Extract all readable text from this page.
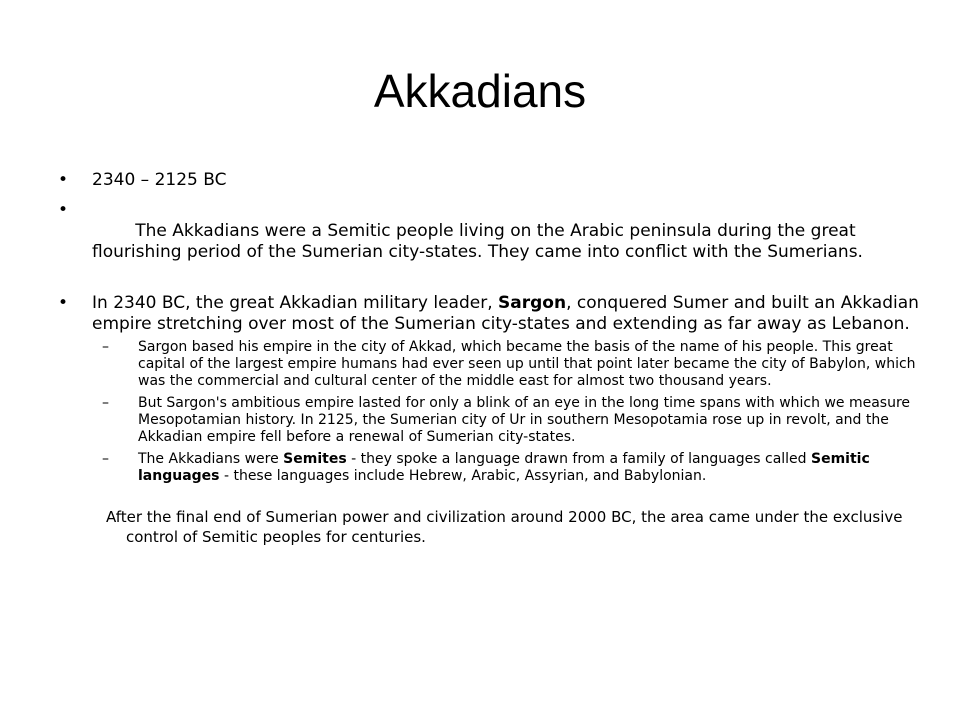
Akkadians
• 2340 – 2125 BC

•
The Akkadians were a Semitic people living on the Arabic peninsula during the great flourishing period of the Sumerian city-states. They came into conflict with the Sumerians.

• In 2340 BC, the great Akkadian military leader, Sargon, conquered Sumer and built an Akkadian empire stretching over most of the Sumerian city-states and extending as far away as Lebanon.
– Sargon based his empire in the city of Akkad, which became the basis of the name of his people. This great capital of the largest empire humans had ever seen up until that point later became the city of Babylon, which was the commercial and cultural center of the middle east for almost two thousand years.
– But Sargon's ambitious empire lasted for only a blink of an eye in the long time spans with which we measure Mesopotamian history. In 2125, the Sumerian city of Ur in southern Mesopotamia rose up in revolt, and the Akkadian empire fell before a renewal of Sumerian city-states.
– The Akkadians were Semites - they spoke a language drawn from a family of languages called Semitic languages - these languages include Hebrew, Arabic, Assyrian, and Babylonian.
After the final end of Sumerian power and civilization around 2000 BC, the area came under the exclusive control of Semitic peoples for centuries.
